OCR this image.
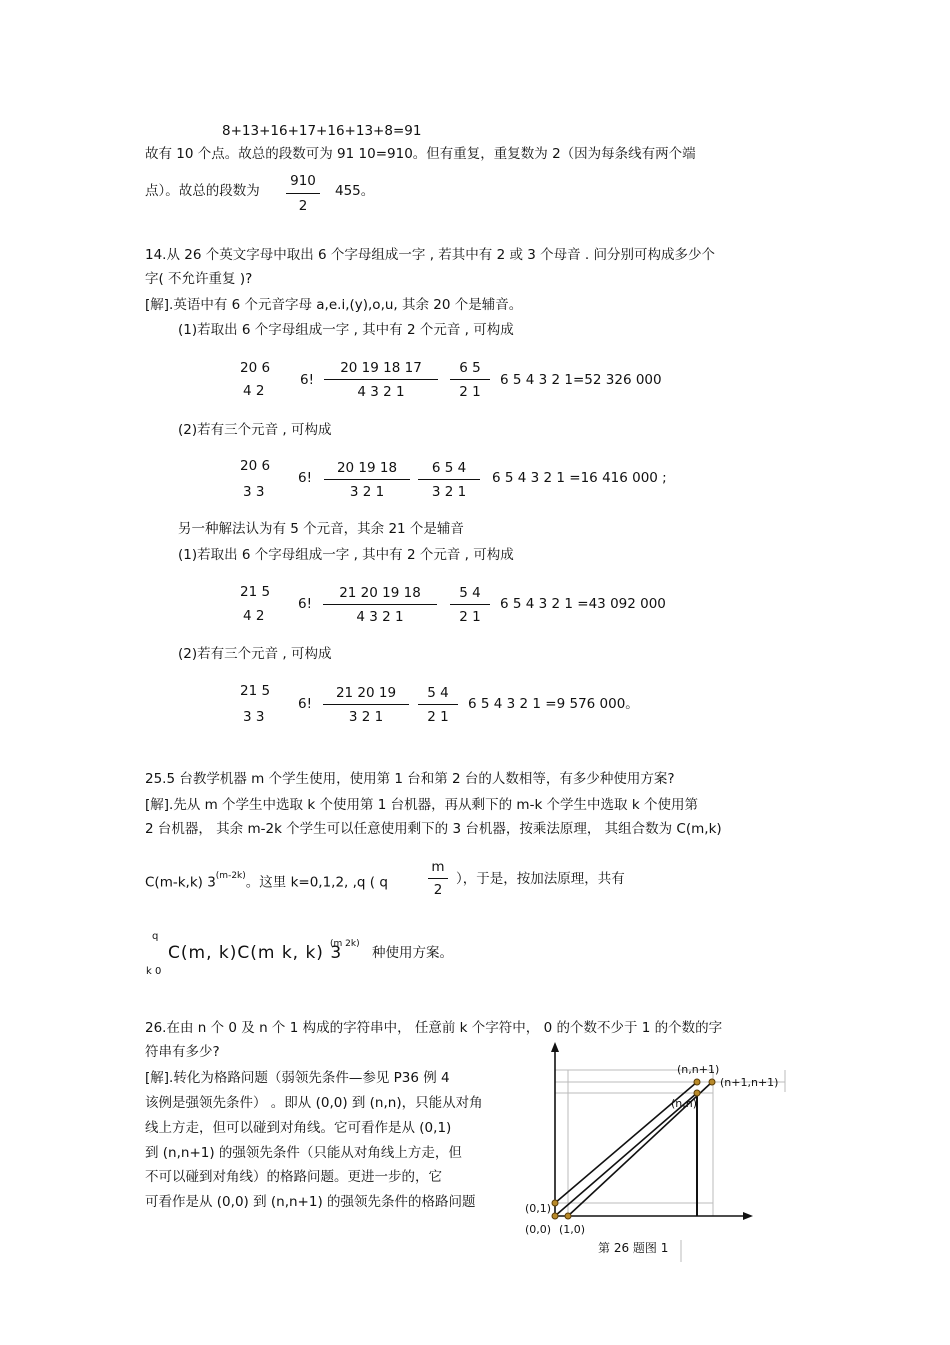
8+13+16+17+16+13+8=91
故有 10 个点。故总的段数可为 91 10=910。但有重复，重复数为 2（因为每条线有两个端
点）。故总的段数为
910
2
455。
14.从 26 个英文字母中取出 6 个字母组成一字 , 若其中有 2 或 3 个母音 . 问分别可构成多少个
字( 不允许重复 )?
[解].英语中有 6 个元音字母 a,e.i,(y),o,u, 其余 20 个是辅音。
(1)若取出 6 个字母组成一字 , 其中有 2 个元音 , 可构成
20 6
4 2
6!
20 19 18 17
4 3 2 1
6 5
2 1
6 5 4 3 2 1=52 326 000
(2)若有三个元音 , 可构成
20 6
3 3
6!
20 19 18
3 2 1
6 5 4
3 2 1
6 5 4 3 2 1 =16 416 000 ;
另一种解法认为有 5 个元音，其余 21 个是辅音
(1)若取出 6 个字母组成一字 , 其中有 2 个元音 , 可构成
21 5
4 2
6!
21 20 19 18
4 3 2 1
5 4
2 1
6 5 4 3 2 1 =43 092 000
(2)若有三个元音 , 可构成
21 5
3 3
6!
21 20 19
3 2 1
5 4
2 1
6 5 4 3 2 1 =9 576 000。
25.5 台教学机器 m 个学生使用，使用第 1 台和第 2 台的人数相等，有多少种使用方案?
[解].先从 m 个学生中选取 k 个使用第 1 台机器，再从剩下的 m-k 个学生中选取 k 个使用第
2 台机器， 其余 m-2k 个学生可以任意使用剩下的 3 台机器，按乘法原理， 其组合数为 C(m,k)
C(m-k,k) $3^{(m-2k)}$。这里 k=0,1,2, ,q ( q
m
2
），于是，按加法原理，共有
q
k 0
C(m, k)C(m k, k) 3
(m 2k)
种使用方案。
26.在由 n 个 0 及 n 个 1 构成的字符串中， 任意前 k 个字符中， 0 的个数不少于 1 的个数的字
符串有多少?
[解].转化为格路问题（弱领先条件—参见 P36 例 4
该例是强领先条件） 。即从 (0,0) 到 (n,n)，只能从对角
线上方走，但可以碰到对角线。它可看作是从 (0,1)
到 (n,n+1) 的强领先条件（只能从对角线上方走，但
不可以碰到对角线）的格路问题。更进一步的，它
可看作是从 (0,0) 到 (n,n+1) 的强领先条件的格路问题
(n,n+1)
(n+1,n+1)
(n,n)
(0,1)
(0,0) (1,0)
第 26 题图 1
